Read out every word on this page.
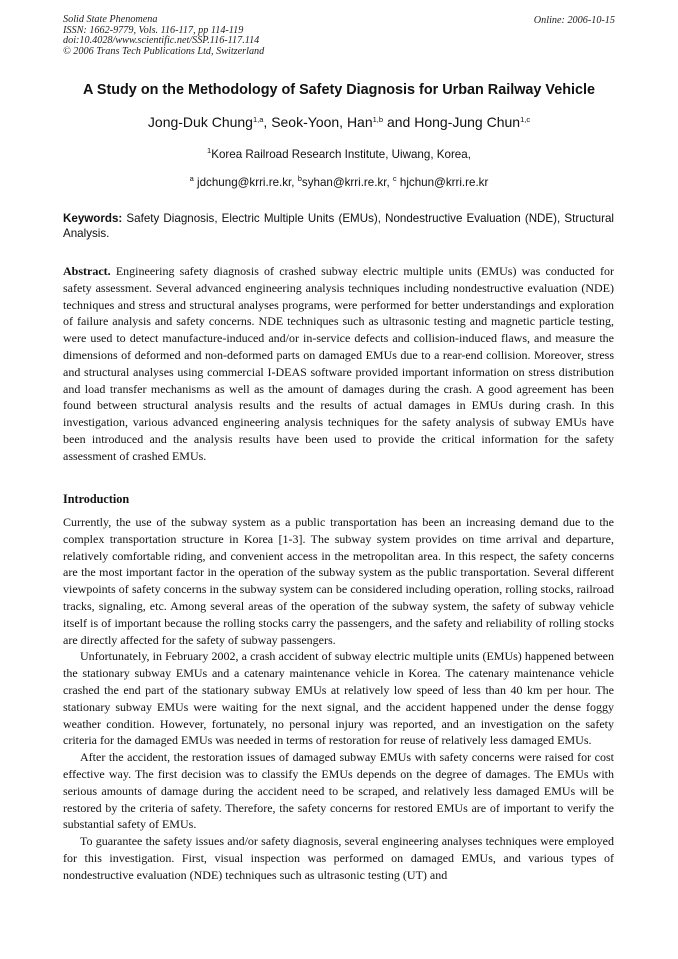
Solid State Phenomena
ISSN: 1662-9779, Vols. 116-117, pp 114-119
doi:10.4028/www.scientific.net/SSP.116-117.114
© 2006 Trans Tech Publications Ltd, Switzerland
Online: 2006-10-15
A Study on the Methodology of Safety Diagnosis for Urban Railway Vehicle
Jong-Duk Chung$^{1,a}$, Seok-Yoon, Han$^{1,b}$ and Hong-Jung Chun$^{1,c}$
$^1$Korea Railroad Research Institute, Uiwang, Korea,
$^a$ jdchung@krri.re.kr, $^b$syhan@krri.re.kr, $^c$ hjchun@krri.re.kr
Keywords: Safety Diagnosis, Electric Multiple Units (EMUs), Nondestructive Evaluation (NDE), Structural Analysis.

Abstract. Engineering safety diagnosis of crashed subway electric multiple units (EMUs) was conducted for safety assessment. Several advanced engineering analysis techniques including nondestructive evaluation (NDE) techniques and stress and structural analyses programs, were performed for better understandings and exploration of failure analysis and safety concerns. NDE techniques such as ultrasonic testing and magnetic particle testing, were used to detect manufacture-induced and/or in-service defects and collision-induced flaws, and measure the dimensions of deformed and non-deformed parts on damaged EMUs due to a rear-end collision. Moreover, stress and structural analyses using commercial I-DEAS software provided important information on stress distribution and load transfer mechanisms as well as the amount of damages during the crash. A good agreement has been found between structural analysis results and the results of actual damages in EMUs during crash. In this investigation, various advanced engineering analysis techniques for the safety analysis of subway EMUs have been introduced and the analysis results have been used to provide the critical information for the safety assessment of crashed EMUs.

Introduction

Currently, the use of the subway system as a public transportation has been an increasing demand due to the complex transportation structure in Korea [1-3]. The subway system provides on time arrival and departure, relatively comfortable riding, and convenient access in the metropolitan area. In this respect, the safety concerns are the most important factor in the operation of the subway system as the public transportation. Several different viewpoints of safety concerns in the subway system can be considered including operation, rolling stocks, railroad tracks, signaling, etc. Among several areas of the operation of the subway system, the safety of subway vehicle itself is of important because the rolling stocks carry the passengers, and the safety and reliability of rolling stocks are directly affected for the safety of subway passengers.

Unfortunately, in February 2002, a crash accident of subway electric multiple units (EMUs) happened between the stationary subway EMUs and a catenary maintenance vehicle in Korea. The catenary maintenance vehicle crashed the end part of the stationary subway EMUs at relatively low speed of less than 40 km per hour. The stationary subway EMUs were waiting for the next signal, and the accident happened under the dense foggy weather condition. However, fortunately, no personal injury was reported, and an investigation on the safety criteria for the damaged EMUs was needed in terms of restoration for reuse of relatively less damaged EMUs.

After the accident, the restoration issues of damaged subway EMUs with safety concerns were raised for cost effective way. The first decision was to classify the EMUs depends on the degree of damages. The EMUs with serious amounts of damage during the accident need to be scraped, and relatively less damaged EMUs will be restored by the criteria of safety. Therefore, the safety concerns for restored EMUs are of important to verify the substantial safety of EMUs.

To guarantee the safety issues and/or safety diagnosis, several engineering analyses techniques were employed for this investigation. First, visual inspection was performed on damaged EMUs, and various types of nondestructive evaluation (NDE) techniques such as ultrasonic testing (UT) and
